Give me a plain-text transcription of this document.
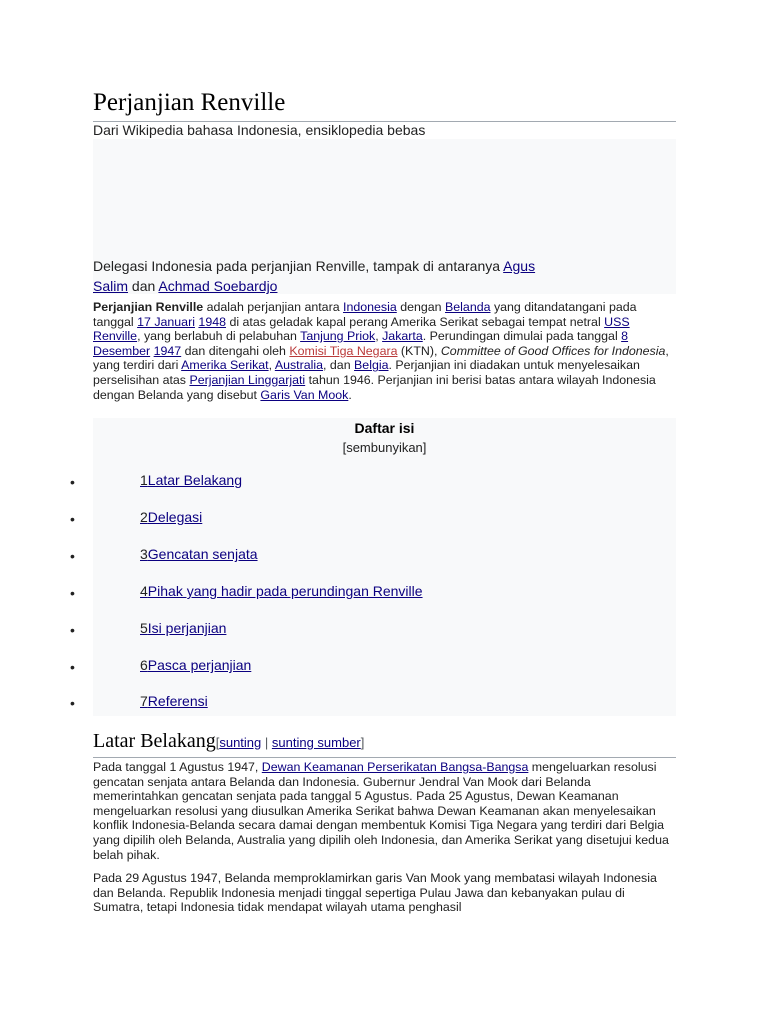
Perjanjian Renville
Dari Wikipedia bahasa Indonesia, ensiklopedia bebas
Delegasi Indonesia pada perjanjian Renville, tampak di antaranya Agus Salim dan Achmad Soebardjo

Perjanjian Renville adalah perjanjian antara Indonesia dengan Belanda yang ditandatangani pada tanggal 17 Januari 1948 di atas geladak kapal perang Amerika Serikat sebagai tempat netral USS Renville, yang berlabuh di pelabuhan Tanjung Priok, Jakarta. Perundingan dimulai pada tanggal 8 Desember 1947 dan ditengahi oleh Komisi Tiga Negara (KTN), Committee of Good Offices for Indonesia, yang terdiri dari Amerika Serikat, Australia, dan Belgia. Perjanjian ini diadakan untuk menyelesaikan perselisihan atas Perjanjian Linggarjati tahun 1946. Perjanjian ini berisi batas antara wilayah Indonesia dengan Belanda yang disebut Garis Van Mook.

Daftar isi
[sembunyikan]
•	1Latar Belakang
•	2Delegasi
•	3Gencatan senjata
•	4Pihak yang hadir pada perundingan Renville
•	5Isi perjanjian
•	6Pasca perjanjian
•	7Referensi
Latar Belakang[sunting | sunting sumber]

Pada tanggal 1 Agustus 1947, Dewan Keamanan Perserikatan Bangsa-Bangsa mengeluarkan resolusi gencatan senjata antara Belanda dan Indonesia. Gubernur Jendral Van Mook dari Belanda memerintahkan gencatan senjata pada tanggal 5 Agustus. Pada 25 Agustus, Dewan Keamanan mengeluarkan resolusi yang diusulkan Amerika Serikat bahwa Dewan Keamanan akan menyelesaikan konflik Indonesia-Belanda secara damai dengan membentuk Komisi Tiga Negara yang terdiri dari Belgia yang dipilih oleh Belanda, Australia yang dipilih oleh Indonesia, dan Amerika Serikat yang disetujui kedua belah pihak.

Pada 29 Agustus 1947, Belanda memproklamirkan garis Van Mook yang membatasi wilayah Indonesia dan Belanda. Republik Indonesia menjadi tinggal sepertiga Pulau Jawa dan kebanyakan pulau di Sumatra, tetapi Indonesia tidak mendapat wilayah utama penghasil
